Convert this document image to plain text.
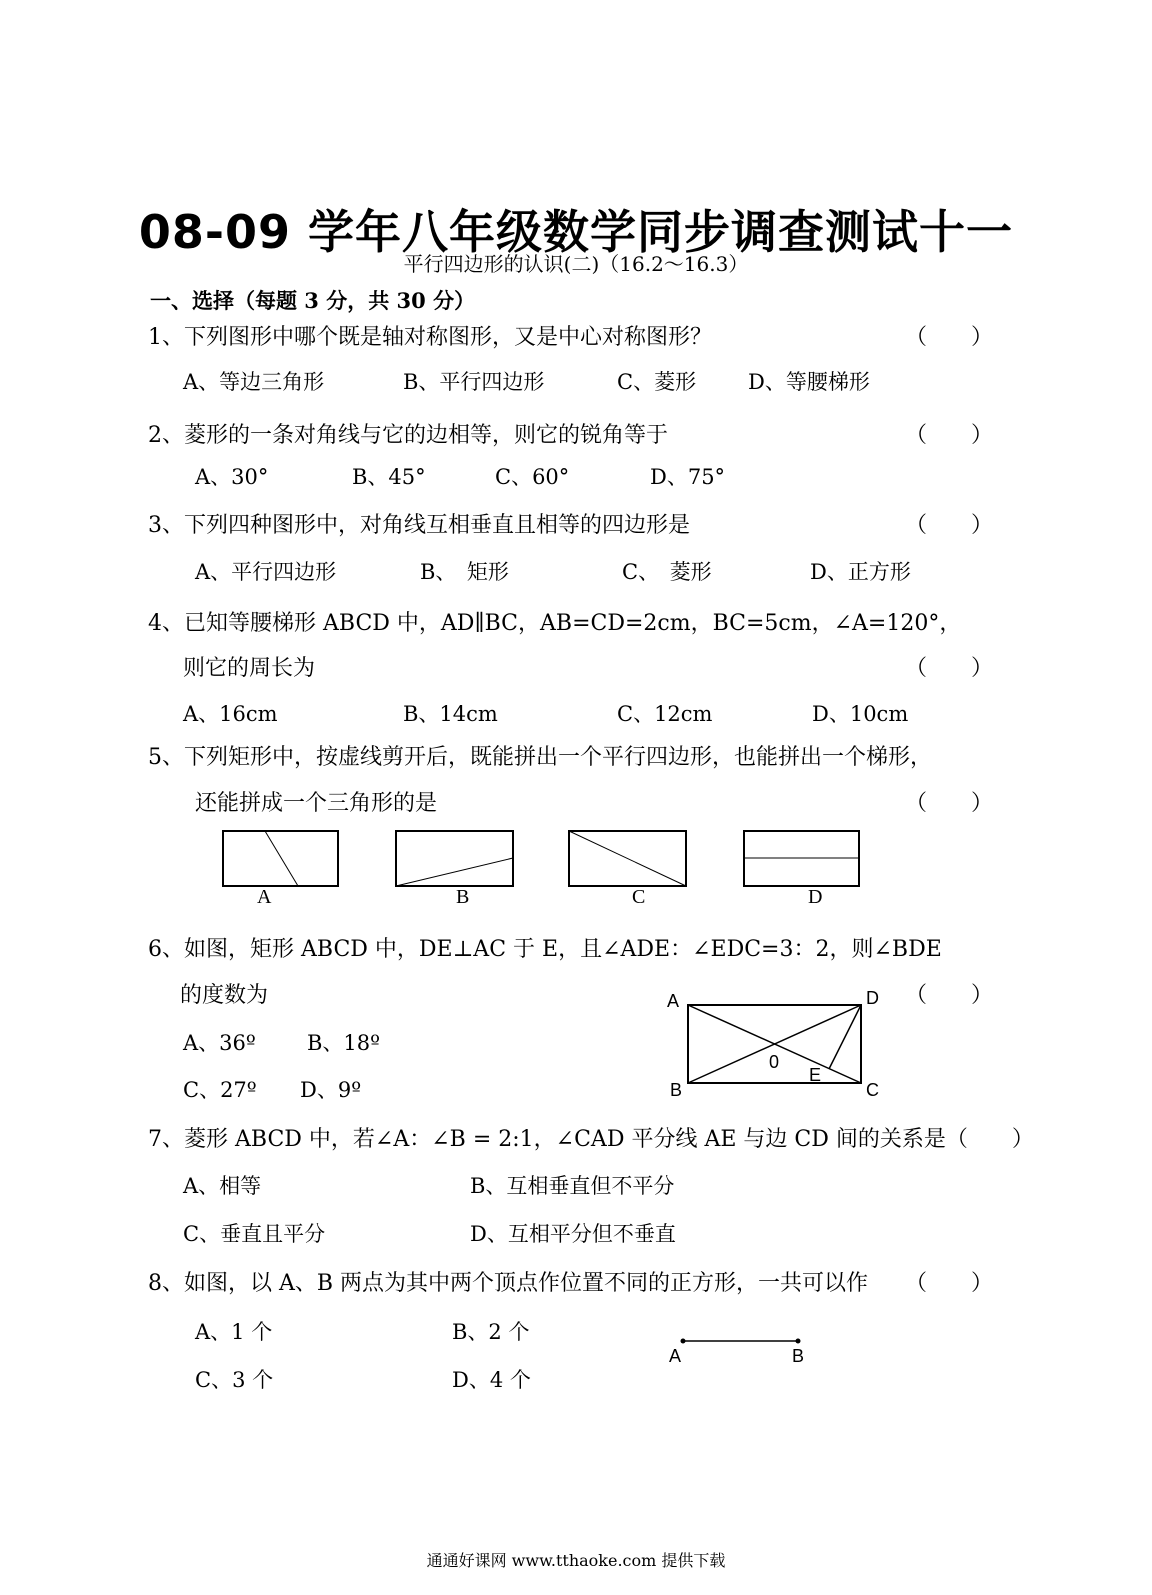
08-09 学年八年级数学同步调查测试十一
平行四边形的认识(二)（16.2～16.3）
一、选择（每题 3 分，共 30 分）
1、下列图形中哪个既是轴对称图形，又是中心对称图形？	（　　）
A、等边三角形	B、平行四边形	C、菱形 D、等腰梯形
2、菱形的一条对角线与它的边相等，则它的锐角等于	（　　）
A、30°	B、45°	C、60°	D、75°
3、下列四种图形中，对角线互相垂直且相等的四边形是	（　　）
A、平行四边形	B、　矩形	C、　菱形	D、正方形
4、已知等腰梯形 ABCD 中，AD∥BC，AB=CD=2cm，BC=5cm，∠A=120°，
则它的周长为	（　　）
A、16cm	B、14cm	C、12cm	D、10cm
5、下列矩形中，按虚线剪开后，既能拼出一个平行四边形，也能拼出一个梯形，
还能拼成一个三角形的是	（　　）
A	B	C	D
6、如图，矩形 ABCD 中，DE⊥AC 于 E，且∠ADE：∠EDC=3：2，则∠BDE
的度数为	（　　）
A、36º B、18º
C、27º D、9º
A	D
B	C
0
E
7、菱形 ABCD 中，若∠A：∠B = 2:1，∠CAD 平分线 AE 与边 CD 间的关系是（　　）
A、相等	B、互相垂直但不平分
C、垂直且平分	D、互相平分但不垂直
8、如图，以 A、B 两点为其中两个顶点作位置不同的正方形，一共可以作 （　　）
A、1 个	B、2 个
C、3 个	D、4 个
A	B
通通好课网 www.tthaoke.com 提供下载
